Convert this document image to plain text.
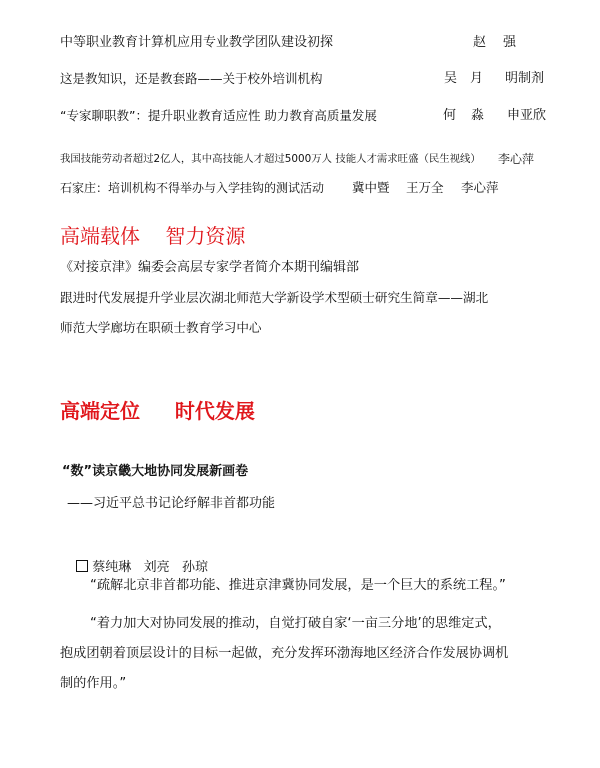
中等职业教育计算机应用专业教学团队建设初探	赵 强
这是教知识，还是教套路——关于校外培训机构	吴 月 明制剂
“专家聊职教”：提升职业教育适应性 助力教育高质量发展	何 淼 申亚欣
我国技能劳动者超过2亿人，其中高技能人才超过5000万人 技能人才需求旺盛（民生视线） 李心萍
石家庄：培训机构不得举办与入学挂钩的测试活动 冀中暨 王万全 李心萍
高端载体    智力资源
《对接京津》编委会高层专家学者简介本期刊编辑部
跟进时代发展提升学业层次湖北师范大学新设学术型硕士研究生简章——湖北
师范大学廊坊在职硕士教育学习中心
高端定位     时代发展
“数”读京畿大地协同发展新画卷
——习近平总书记论纾解非首都功能

蔡纯琳   刘亮   孙琼

“疏解北京非首都功能、推进京津冀协同发展，是一个巨大的系统工程。”
“着力加大对协同发展的推动，自觉打破自家‘一亩三分地’的思维定式，
抱成团朝着顶层设计的目标一起做，充分发挥环渤海地区经济合作发展协调机
制的作用。”
